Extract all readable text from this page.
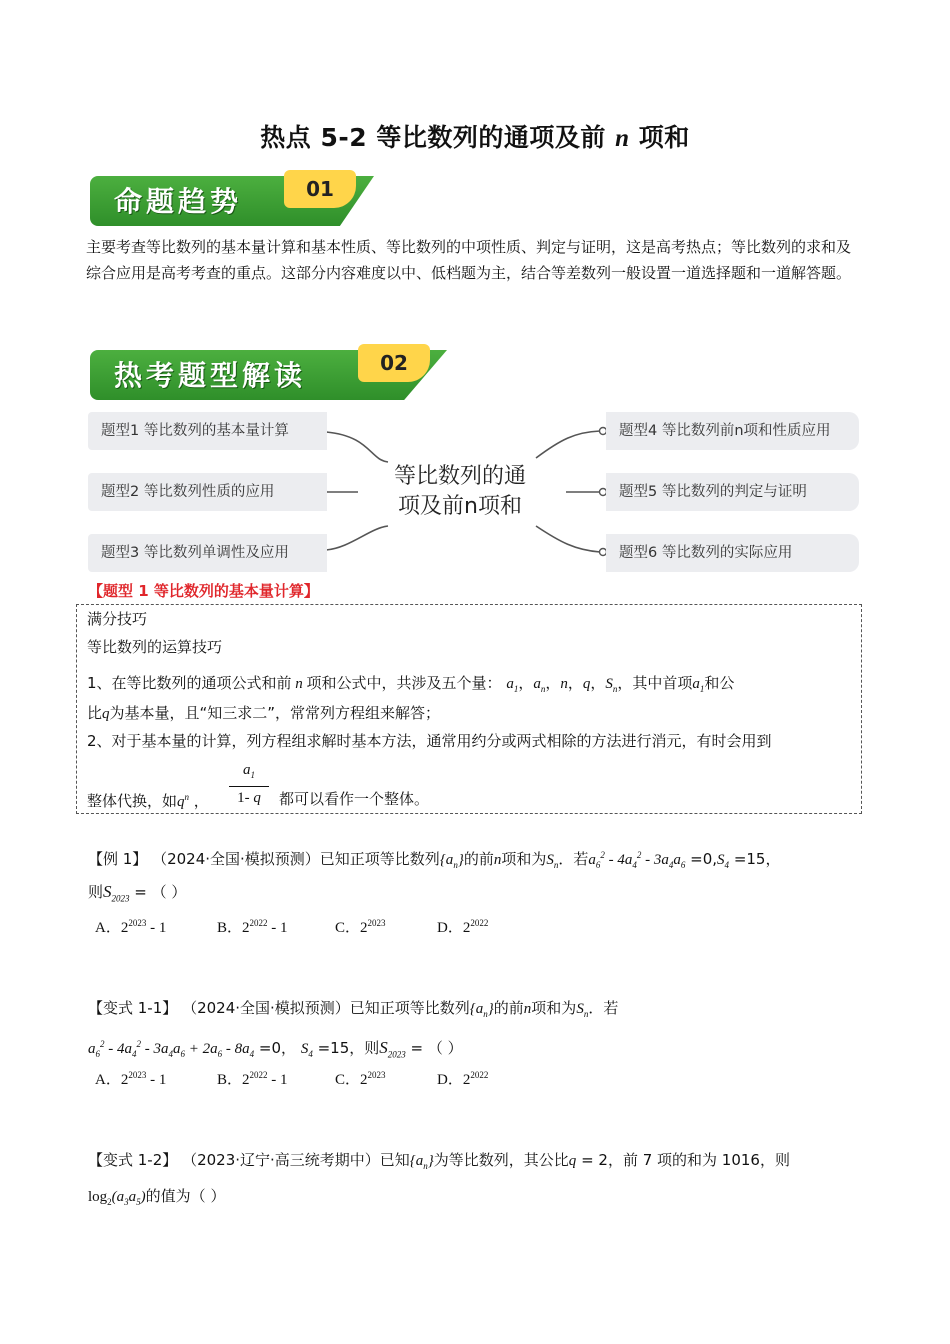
热点 5-2 等比数列的通项及前 n 项和
命题趋势	01
主要考查等比数列的基本量计算和基本性质、等比数列的中项性质、判定与证明，这是高考热点；等比数列的求和及综合应用是高考考查的重点。这部分内容难度以中、低档题为主，结合等差数列一般设置一道选择题和一道解答题。
热考题型解读	02
题型1 等比数列的基本量计算
题型2 等比数列性质的应用
题型3 等比数列单调性及应用
题型4 等比数列前n项和性质应用
题型5 等比数列的判定与证明
题型6 等比数列的实际应用
等比数列的通
项及前n项和
【题型 1 等比数列的基本量计算】
满分技巧
等比数列的运算技巧
1、在等比数列的通项公式和前 n 项和公式中，共涉及五个量： $a_1$，$a_n$，n，q，$S_n$，其中首项$a_1$和公
比q为基本量，且“知三求二”，常常列方程组来解答；
2、对于基本量的计算，列方程组求解时基本方法，通常用约分或两式相除的方法进行消元，有时会用到
整体代换，如$q^n$ ，
$a_1$
1- q	都可以看作一个整体。
【例 1】 （2024·全国·模拟预测）已知正项等比数列$\{a_n\}$的前n项和为$S_n$．若$a_6^2 - 4a_4^2 - 3a_4a_6 =0,S_4 =15$，
则$S_{2023}$ = （ ）
A．$2^{2023} - 1$	B．$2^{2022} - 1$	C．$2^{2023}$	D．$2^{2022}$
【变式 1-1】 （2024·全国·模拟预测）已知正项等比数列$\{a_n\}$的前n项和为$S_n$．若
$a_6^2 - 4a_4^2 - 3a_4a_6 + 2a_6 - 8a_4 =0$， $S_4 =15$，则$S_{2023}$ = （ ）
A．$2^{2023} - 1$	B．$2^{2022} - 1$	C．$2^{2023}$	D．$2^{2022}$
【变式 1-2】 （2023·辽宁·高三统考期中）已知$\{a_n\}$为等比数列，其公比q = 2，前 7 项的和为 1016，则
$\log_2(a_3a_5)$的值为（ ）
